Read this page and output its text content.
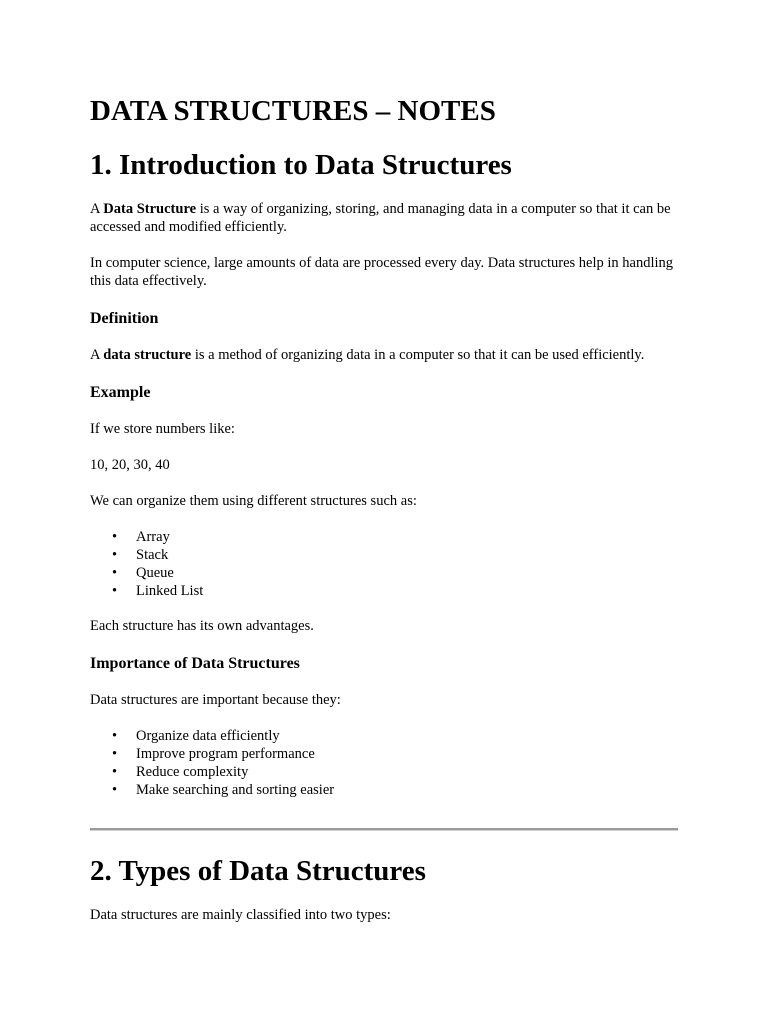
DATA STRUCTURES – NOTES
1. Introduction to Data Structures

A Data Structure is a way of organizing, storing, and managing data in a computer so that it can be accessed and modified efficiently.

In computer science, large amounts of data are processed every day. Data structures help in handling this data effectively.

Definition

A data structure is a method of organizing data in a computer so that it can be used efficiently.

Example

If we store numbers like:

10, 20, 30, 40

We can organize them using different structures such as:

• Array
• Stack
• Queue
• Linked List

Each structure has its own advantages.

Importance of Data Structures

Data structures are important because they:

• Organize data efficiently
• Improve program performance
• Reduce complexity
• Make searching and sorting easier
2. Types of Data Structures

Data structures are mainly classified into two types:
